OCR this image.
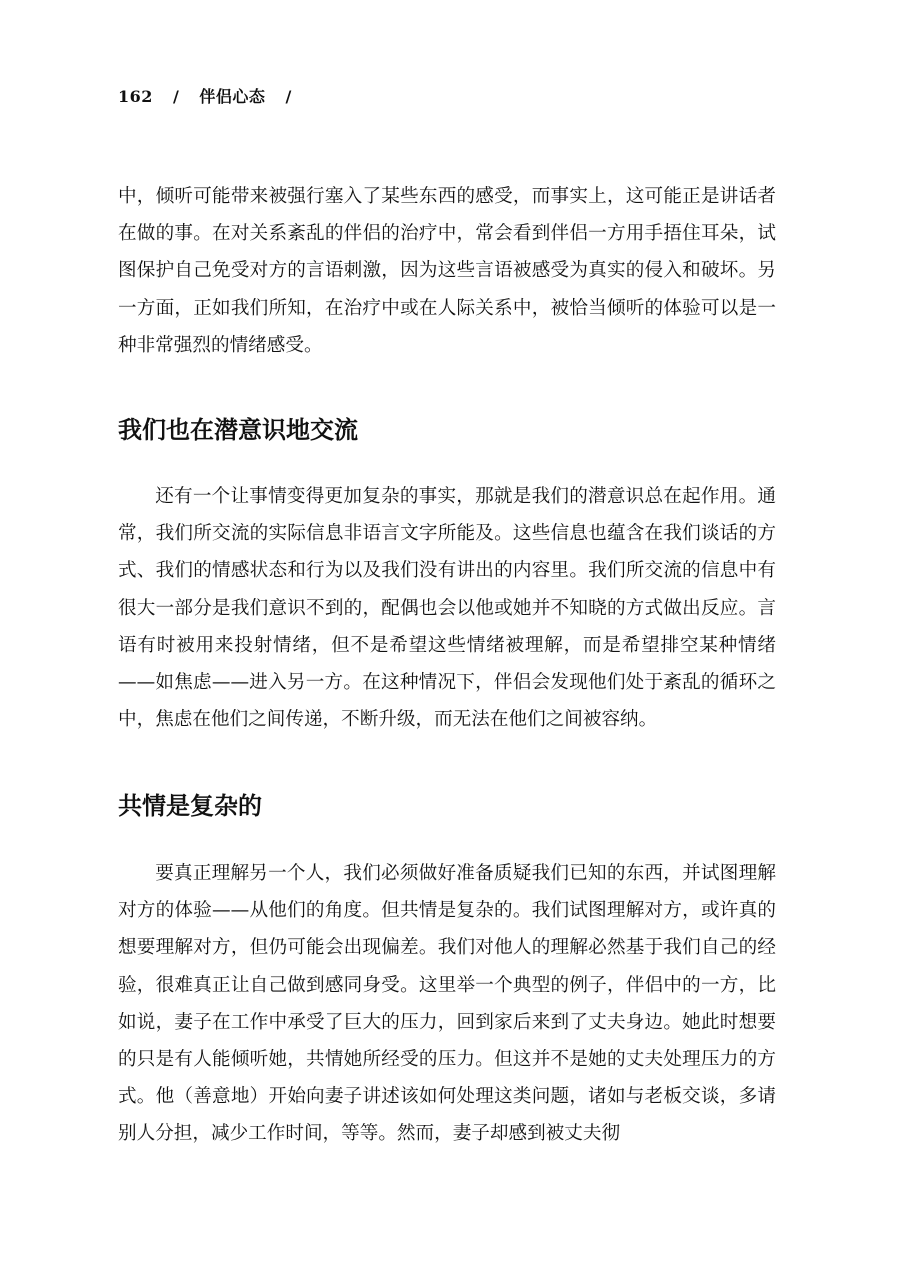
162 / 伴侣心态 /

中，倾听可能带来被强行塞入了某些东西的感受，而事实上，这可能正是讲话者在做的事。在对关系紊乱的伴侣的治疗中，常会看到伴侣一方用手捂住耳朵，试图保护自己免受对方的言语刺激，因为这些言语被感受为真实的侵入和破坏。另一方面，正如我们所知，在治疗中或在人际关系中，被恰当倾听的体验可以是一种非常强烈的情绪感受。

我们也在潜意识地交流

还有一个让事情变得更加复杂的事实，那就是我们的潜意识总在起作用。通常，我们所交流的实际信息非语言文字所能及。这些信息也蕴含在我们谈话的方式、我们的情感状态和行为以及我们没有讲出的内容里。我们所交流的信息中有很大一部分是我们意识不到的，配偶也会以他或她并不知晓的方式做出反应。言语有时被用来投射情绪，但不是希望这些情绪被理解，而是希望排空某种情绪——如焦虑——进入另一方。在这种情况下，伴侣会发现他们处于紊乱的循环之中，焦虑在他们之间传递，不断升级，而无法在他们之间被容纳。

共情是复杂的

要真正理解另一个人，我们必须做好准备质疑我们已知的东西，并试图理解对方的体验——从他们的角度。但共情是复杂的。我们试图理解对方，或许真的想要理解对方，但仍可能会出现偏差。我们对他人的理解必然基于我们自己的经验，很难真正让自己做到感同身受。这里举一个典型的例子，伴侣中的一方，比如说，妻子在工作中承受了巨大的压力，回到家后来到了丈夫身边。她此时想要的只是有人能倾听她，共情她所经受的压力。但这并不是她的丈夫处理压力的方式。他（善意地）开始向妻子讲述该如何处理这类问题，诸如与老板交谈，多请别人分担，减少工作时间，等等。然而，妻子却感到被丈夫彻
